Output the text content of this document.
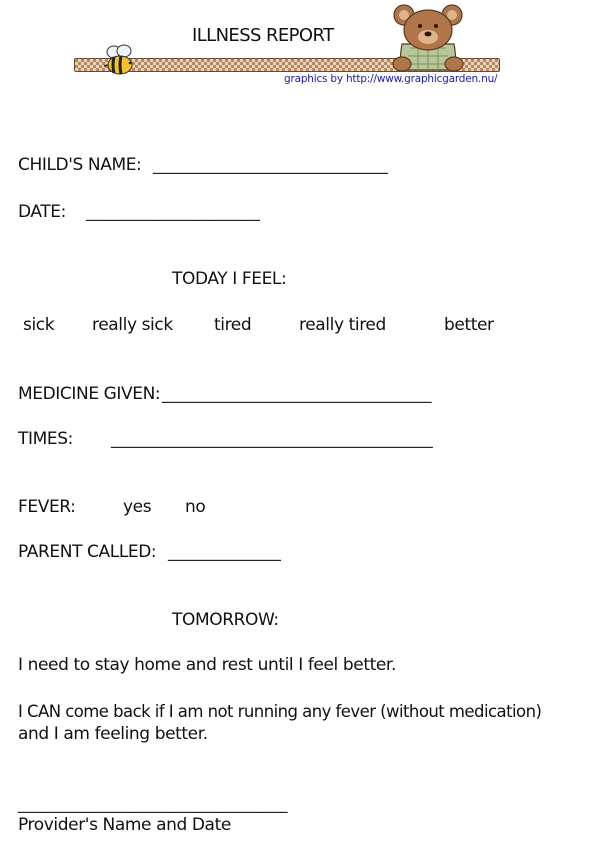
ILLNESS REPORT
graphics by http://www.graphicgarden.nu/
CHILD'S NAME: ___________________________
DATE: ____________________
TODAY I FEEL:
sick really sick tired	really tired	better
MEDICINE GIVEN: _______________________________
TIMES: _____________________________________
FEVER:	yes no
PARENT CALLED: _____________
TOMORROW:
I need to stay home and rest until I feel better.
I CAN come back if I am not running any fever (without medication)
and I am feeling better.
_______________________________
Provider's Name and Date
